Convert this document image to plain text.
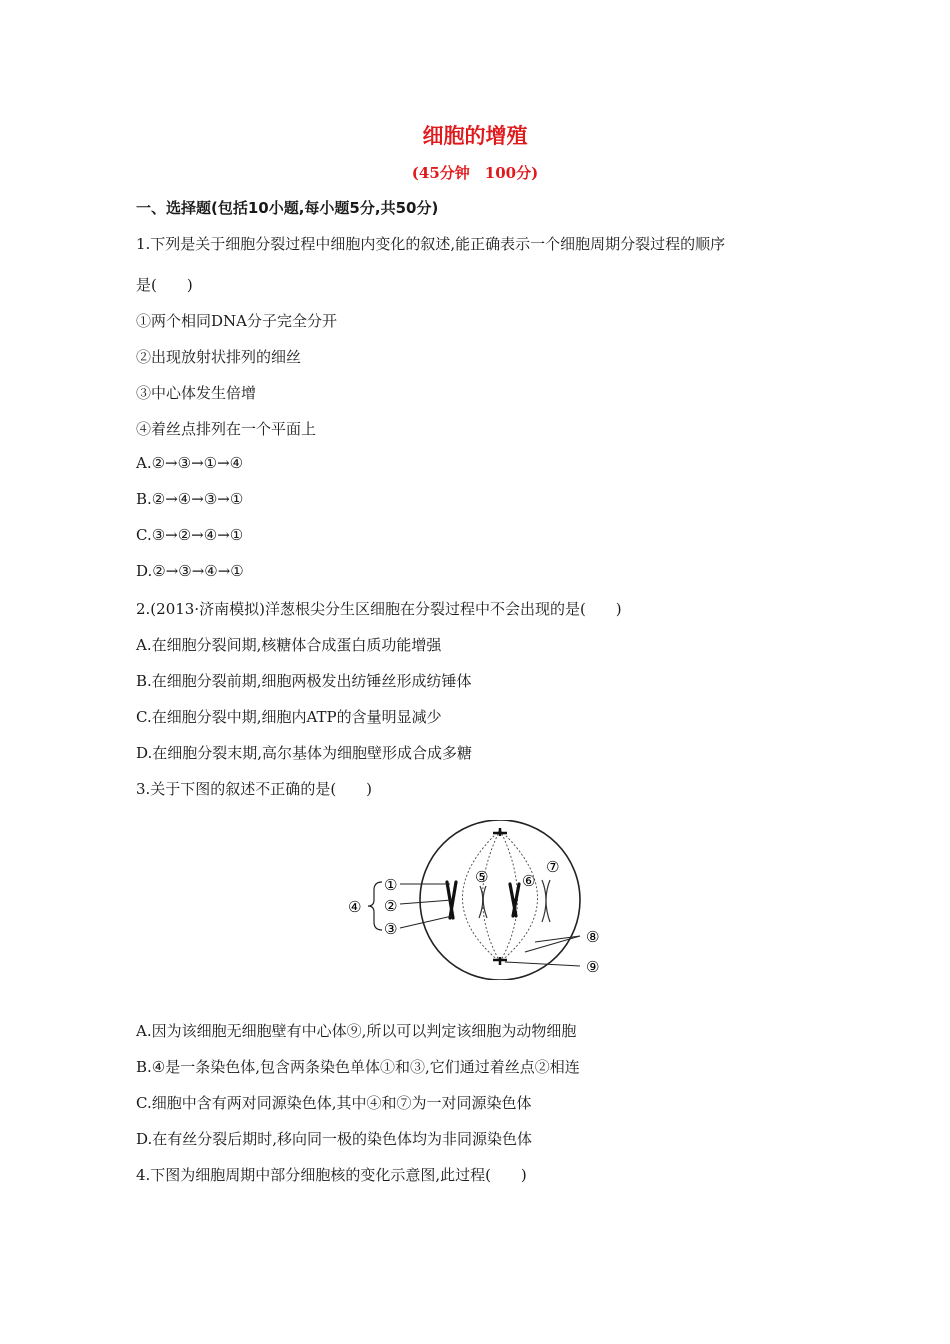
细胞的增殖
(45分钟　100分)
一、选择题(包括10小题,每小题5分,共50分)
1.下列是关于细胞分裂过程中细胞内变化的叙述,能正确表示一个细胞周期分裂过程的顺序
是(　　)
①两个相同DNA分子完全分开
②出现放射状排列的细丝
③中心体发生倍增
④着丝点排列在一个平面上
A.②→③→①→④
B.②→④→③→①
C.③→②→④→①
D.②→③→④→①
2.(2013·济南模拟)洋葱根尖分生区细胞在分裂过程中不会出现的是(　　)
A.在细胞分裂间期,核糖体合成蛋白质功能增强
B.在细胞分裂前期,细胞两极发出纺锤丝形成纺锤体
C.在细胞分裂中期,细胞内ATP的含量明显减少
D.在细胞分裂末期,高尔基体为细胞壁形成合成多糖
3.关于下图的叙述不正确的是(　　)
①
②
③
④
⑤ ⑥
⑦
⑧
⑨
A.因为该细胞无细胞壁有中心体⑨,所以可以判定该细胞为动物细胞
B.④是一条染色体,包含两条染色单体①和③,它们通过着丝点②相连
C.细胞中含有两对同源染色体,其中④和⑦为一对同源染色体
D.在有丝分裂后期时,移向同一极的染色体均为非同源染色体
4.下图为细胞周期中部分细胞核的变化示意图,此过程(　　)
